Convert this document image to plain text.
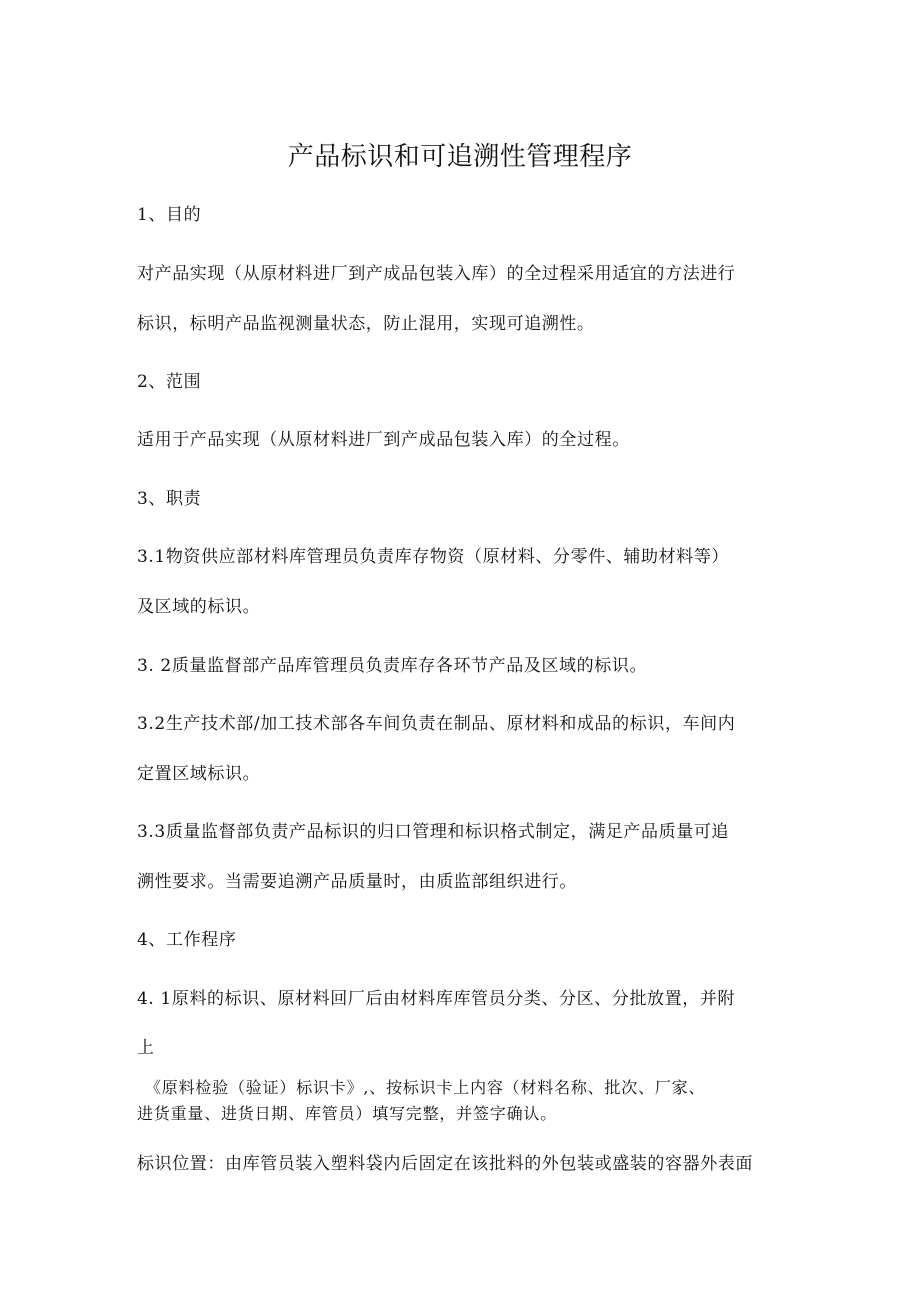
产品标识和可追溯性管理程序
1、目的
对产品实现（从原材料进厂到产成品包装入库）的全过程采用适宜的方法进行
标识，标明产品监视测量状态，防止混用，实现可追溯性。
2、范围
适用于产品实现（从原材料进厂到产成品包装入库）的全过程。
3、职责
3.1物资供应部材料库管理员负责库存物资（原材料、分零件、辅助材料等）
及区域的标识。
3. 2质量监督部产品库管理员负责库存各环节产品及区域的标识。
3.2生产技术部/加工技术部各车间负责在制品、原材料和成品的标识，车间内
定置区域标识。
3.3质量监督部负责产品标识的归口管理和标识格式制定，满足产品质量可追
溯性要求。当需要追溯产品质量时，由质监部组织进行。
4、工作程序
4. 1原料的标识、原材料回厂后由材料库库管员分类、分区、分批放置，并附
上
《原料检验（验证）标识卡》,、按标识卡上内容（材料名称、批次、厂家、
进货重量、进货日期、库管员）填写完整，并签字确认。
标识位置：由库管员装入塑料袋内后固定在该批料的外包装或盛装的容器外表面
